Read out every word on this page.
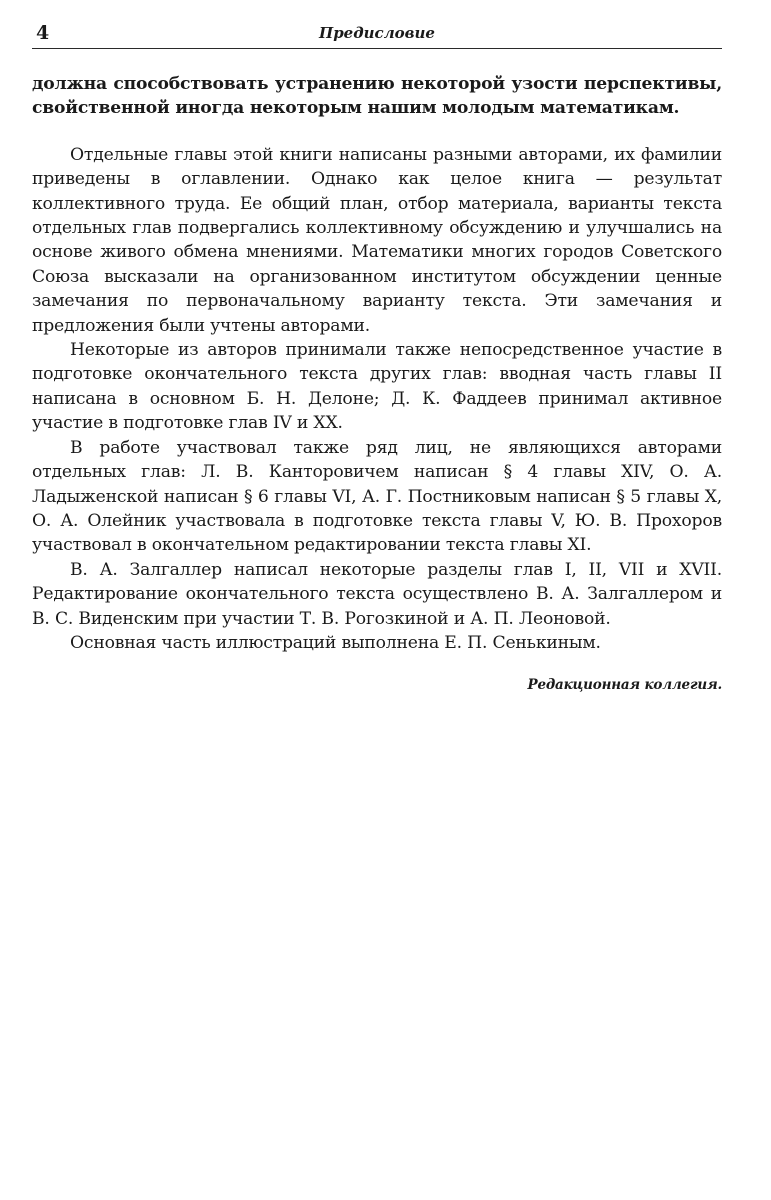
4	Предисловие

должна способствовать устранению некоторой узости перспективы, свойственной иногда некоторым нашим молодым математикам.

Отдельные главы этой книги написаны разными авторами, их фамилии приведены в оглавлении. Однако как целое книга — результат коллективного труда. Ее общий план, отбор материала, варианты текста отдельных глав подвергались коллективному обсуждению и улучшались на основе живого обмена мнениями. Математики многих городов Советского Союза высказали на организованном институтом обсуждении ценные замечания по первоначальному варианту текста. Эти замечания и предложения были учтены авторами.

Некоторые из авторов принимали также непосредственное участие в подготовке окончательного текста других глав: вводная часть главы II написана в основном Б. Н. Делоне; Д. К. Фаддеев принимал активное участие в подготовке глав IV и XX.

В работе участвовал также ряд лиц, не являющихся авторами отдельных глав: Л. В. Канторовичем написан § 4 главы XIV, О. А. Ладыженской написан § 6 главы VI, А. Г. Постниковым написан § 5 главы X, О. А. Олейник участвовала в подготовке текста главы V, Ю. В. Прохоров участвовал в окончательном редактировании текста главы XI.

В. А. Залгаллер написал некоторые разделы глав I, II, VII и XVII. Редактирование окончательного текста осуществлено В. А. Залгаллером и В. С. Виденским при участии Т. В. Рогозкиной и А. П. Леоновой.

Основная часть иллюстраций выполнена Е. П. Сенькиным.

Редакционная коллегия.
